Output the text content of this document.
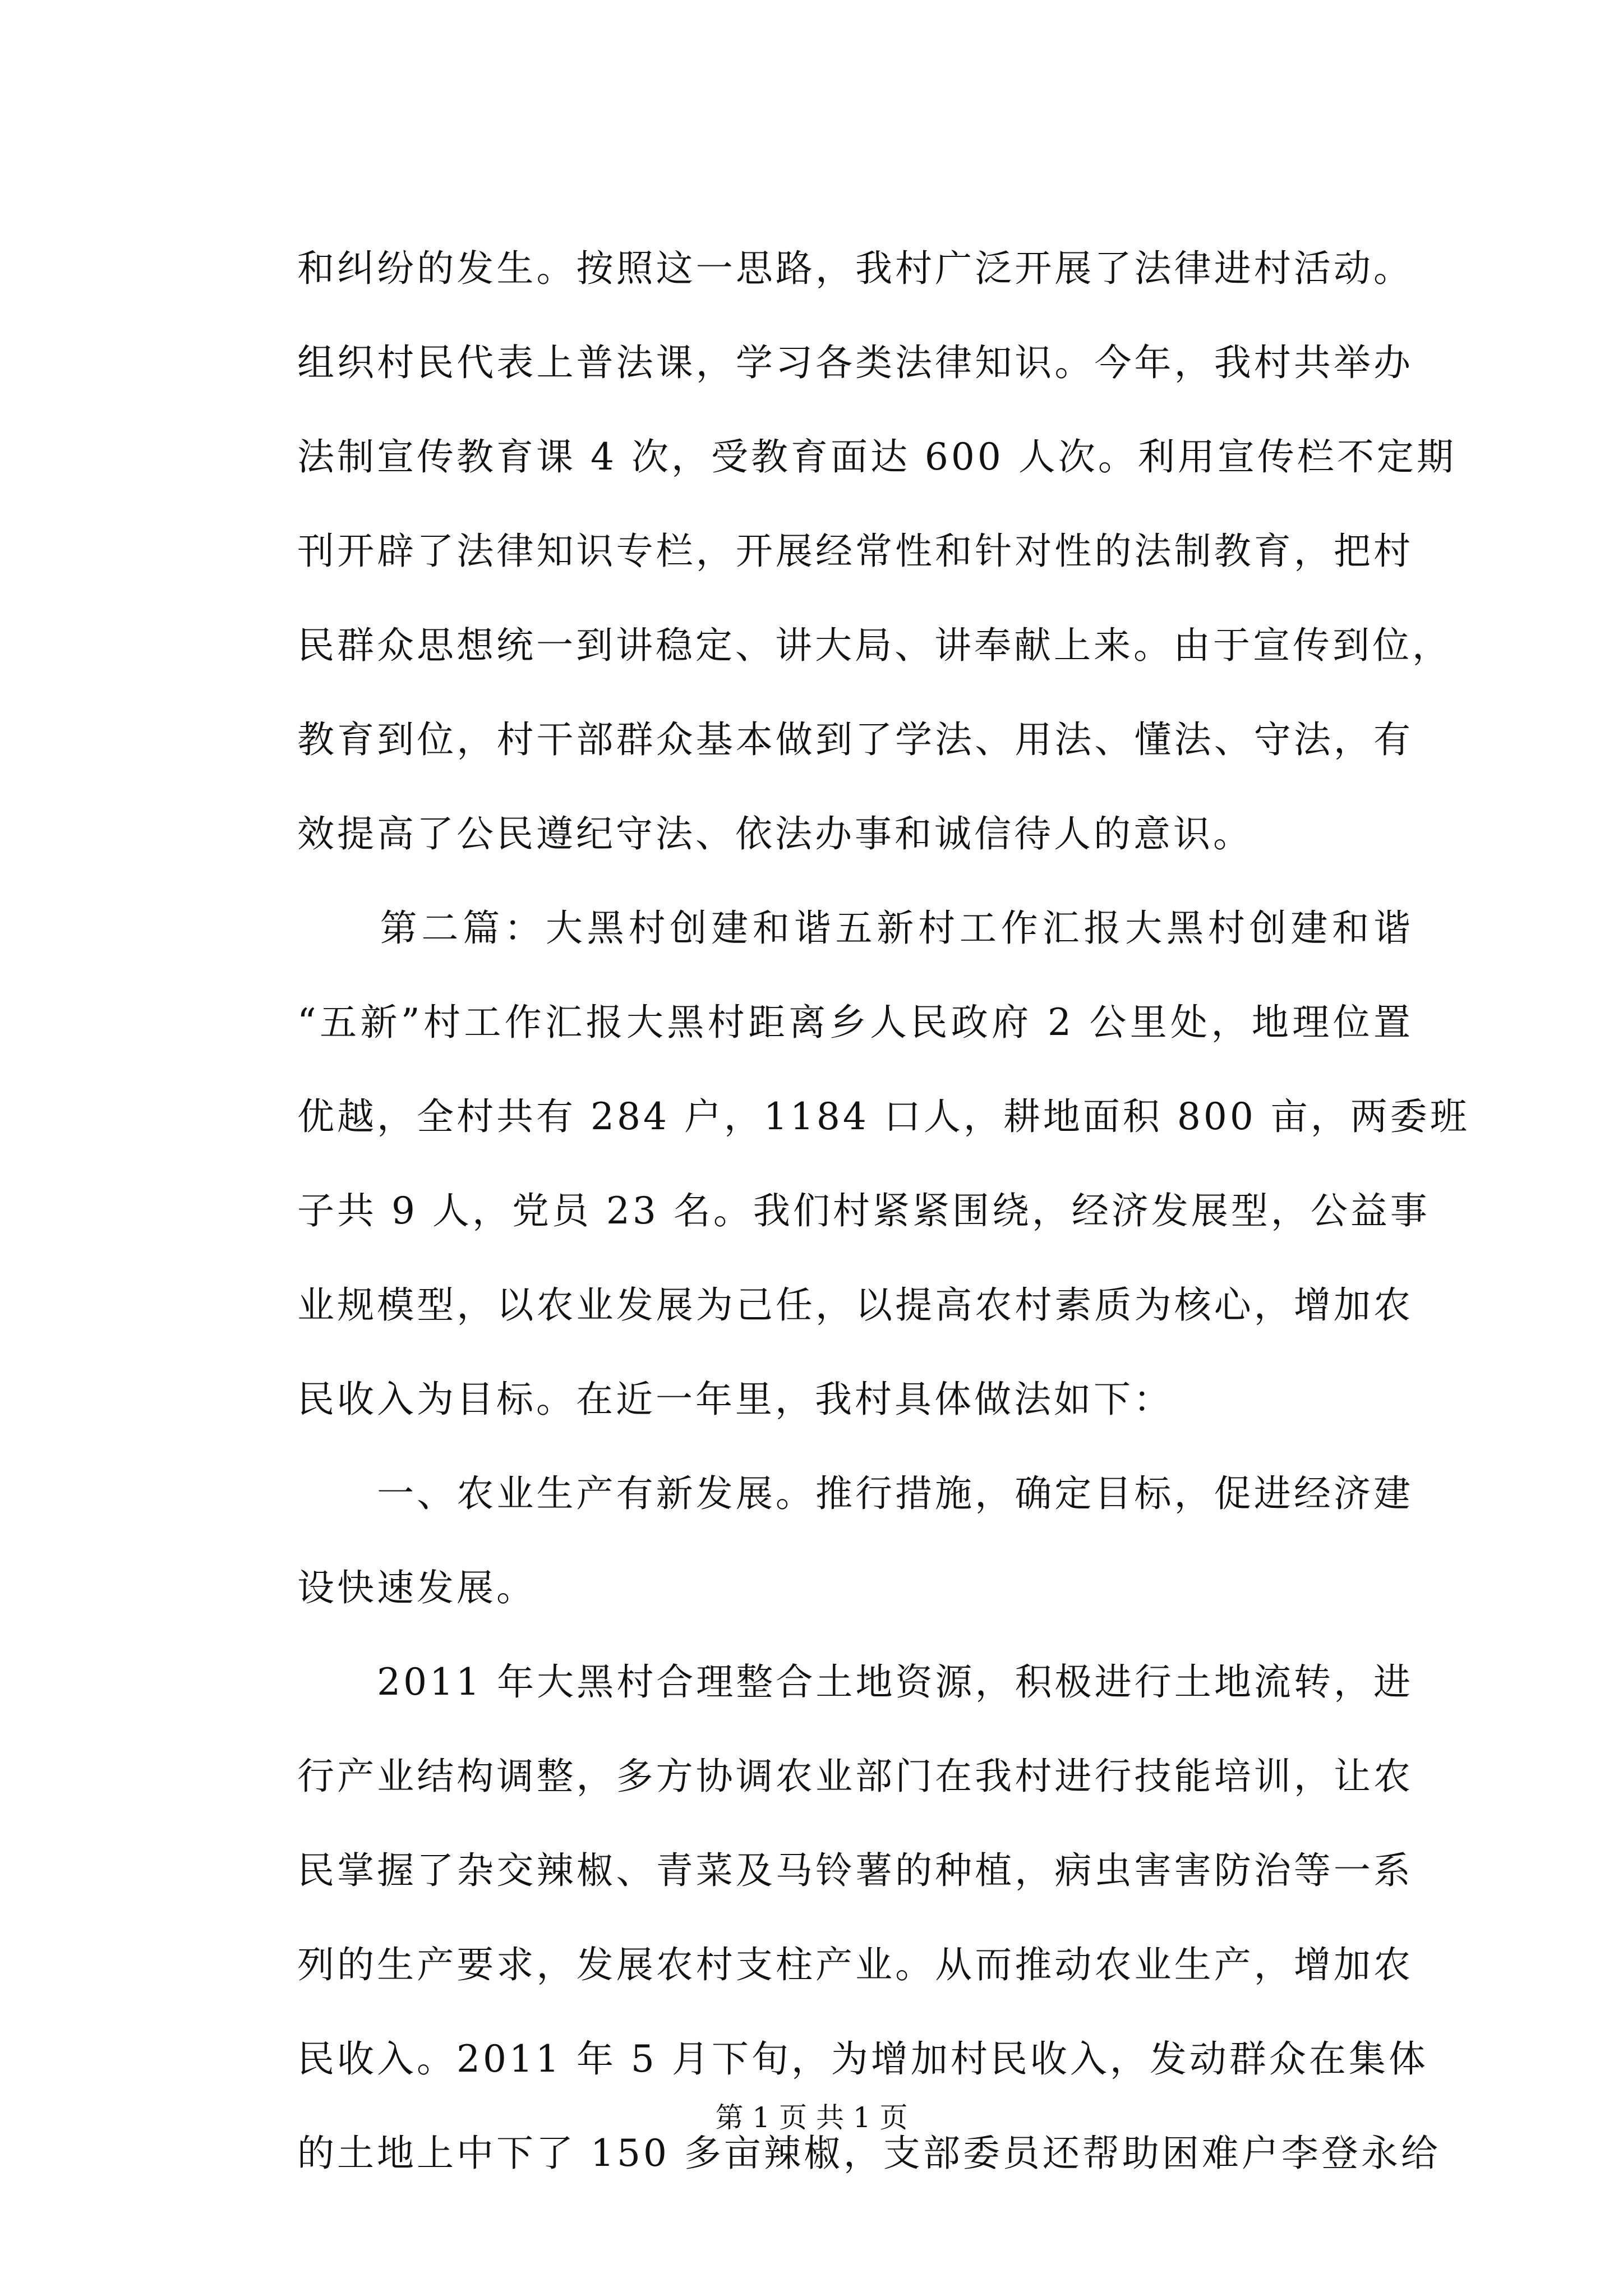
和纠纷的发生。按照这一思路，我村广泛开展了法律进村活动。
组织村民代表上普法课，学习各类法律知识。今年，我村共举办
法制宣传教育课 4 次，受教育面达 600 人次。利用宣传栏不定期
刊开辟了法律知识专栏，开展经常性和针对性的法制教育，把村
民群众思想统一到讲稳定、讲大局、讲奉献上来。由于宣传到位，
教育到位，村干部群众基本做到了学法、用法、懂法、守法，有
效提高了公民遵纪守法、依法办事和诚信待人的意识。
　　第二篇：大黑村创建和谐五新村工作汇报大黑村创建和谐
“五新”村工作汇报大黑村距离乡人民政府 2 公里处，地理位置
优越，全村共有 284 户，1184 口人，耕地面积 800 亩，两委班
子共 9 人，党员 23 名。我们村紧紧围绕，经济发展型，公益事
业规模型，以农业发展为己任，以提高农村素质为核心，增加农
民收入为目标。在近一年里，我村具体做法如下：
　　一、农业生产有新发展。推行措施，确定目标，促进经济建
设快速发展。
　　2011 年大黑村合理整合土地资源，积极进行土地流转，进
行产业结构调整，多方协调农业部门在我村进行技能培训，让农
民掌握了杂交辣椒、青菜及马铃薯的种植，病虫害害防治等一系
列的生产要求，发展农村支柱产业。从而推动农业生产，增加农
民收入。2011 年 5 月下旬，为增加村民收入，发动群众在集体
的土地上中下了 150 多亩辣椒，支部委员还帮助困难户李登永给
第 1 页 共 1 页
